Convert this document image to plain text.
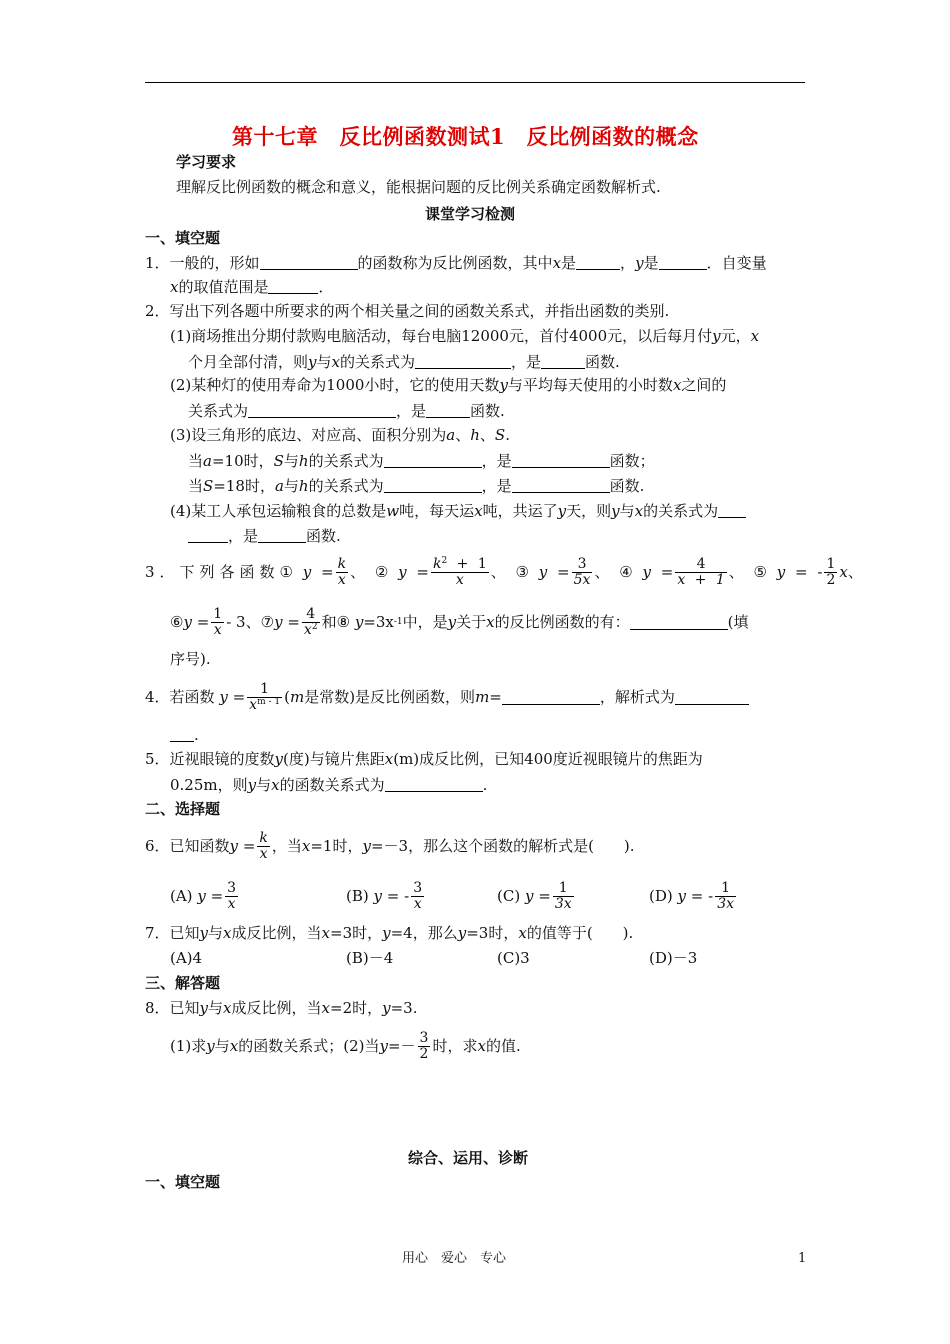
第十七章　反比例函数测试1　反比例函数的概念
学习要求
理解反比例函数的概念和意义，能根据问题的反比例关系确定函数解析式.
课堂学习检测
一、填空题
1．一般的，形如	的函数称为反比例函数，其中x是	，y是	．自变量
x的取值范围是	．
2．写出下列各题中所要求的两个相关量之间的函数关系式，并指出函数的类别.
(1)商场推出分期付款购电脑活动，每台电脑12000元，首付4000元，以后每月付y元，x
个月全部付清，则y与x的关系式为	，是	函数.
(2)某种灯的使用寿命为1000小时，它的使用天数y与平均每天使用的小时数x之间的
关系式为	，是	函数.
(3)设三角形的底边、对应高、面积分别为a、h、S.
当a=10时，S与h的关系式为	，是	函数；
当S=18时，a与h的关系式为	，是	函数.
(4)某工人承包运输粮食的总数是w吨，每天运x吨，共运了y天，则y与x的关系式为
，是	函数.
3．下列各函数 ①
y
= $\frac{k}{x}$ 、
②
y
= $\frac{k^2 + 1}{x}$ 、
③
y
= $\frac{3}{5x}$ 、
④
y
= $\frac{4}{x + 1}$ 、
⑤
y
= - $\frac{1}{2}$ x 、
⑥ y
= $\frac{1}{x} - 3$ 、 ⑦ y
= $\frac{4}{x^2}$ 和 ⑧
y =3x -1 中，是 y 关于 x 的反比例函数的有：	(填
序号).
4．若函数
y
= $\frac{1}{x^{m - 1}}$ ( m 是常数)是反比例函数，则 m =	，解析式为
.
5．近视眼镜的度数y(度)与镜片焦距x(m)成反比例，已知400度近视眼镜片的焦距为
0.25m，则y与x的函数关系式为	.
二、选择题
6．已知函数 y
= $\frac{k}{x}$ ，当 x =1时， y =－3，那么这个函数的解析式是(　　).
(A)
y
= $\frac{3}{x}$	(B)
y
= - $\frac{3}{x}$	(C)
y
= $\frac{1}{3x}$	(D)
y
= - $\frac{1}{3x}$
7．已知y与x成反比例，当x=3时，y=4，那么y=3时，x的值等于(　　).
(A)4	(B)－4	(C)3	(D)－3
三、解答题
8．已知y与x成反比例，当x=2时，y=3.
(1)求 y 与 x 的函数关系式；(2)当 $y =- \frac{3}{2}$ 时，求 x 的值.
综合、运用、诊断
一、填空题
用心　爱心　专心	1
